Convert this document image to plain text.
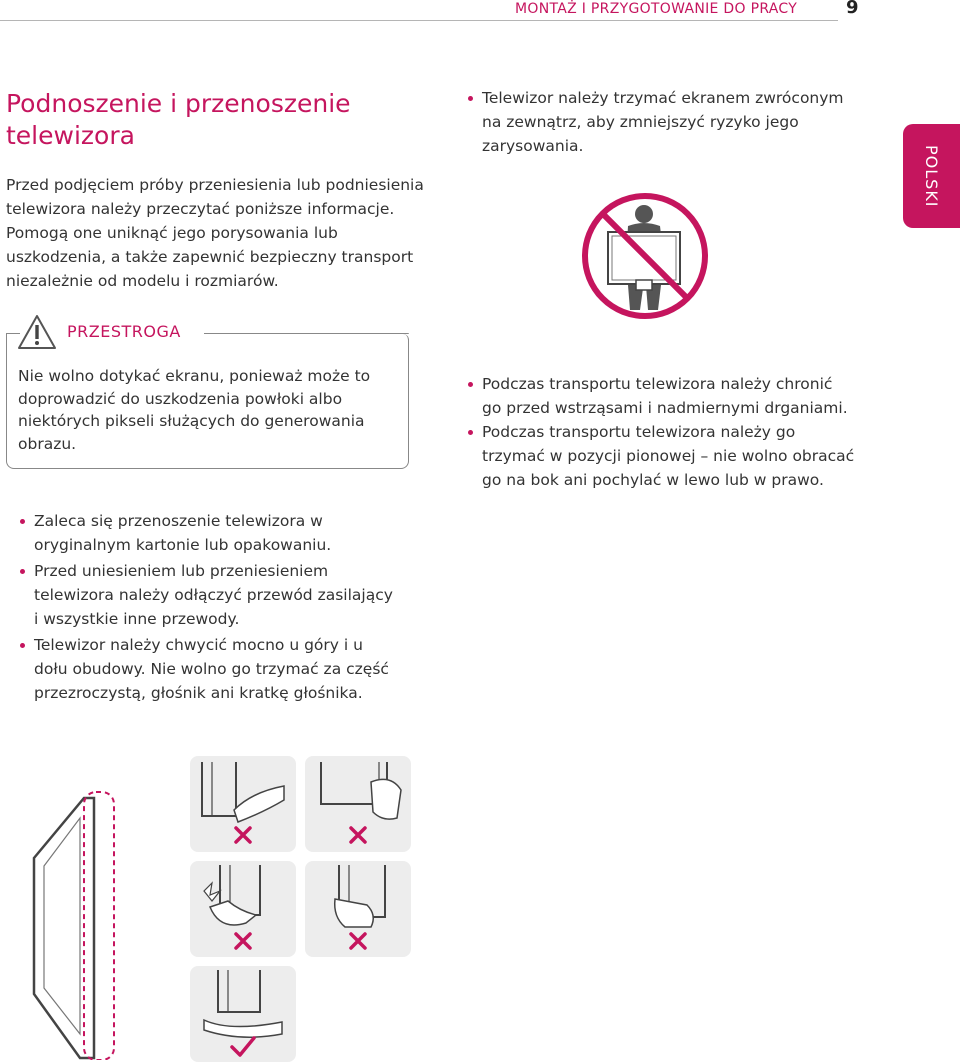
MONTAŻ I PRZYGOTOWANIE DO PRACY	9
POLSKI
Podnoszenie i przenoszenie telewizora
Przed podjęciem próby przeniesienia lub podniesienia telewizora należy przeczytać poniższe informacje. Pomogą one uniknąć jego porysowania lub uszkodzenia, a także zapewnić bezpieczny transport niezależnie od modelu i rozmiarów.
PRZESTROGA
Nie wolno dotykać ekranu, ponieważ może to doprowadzić do uszkodzenia powłoki albo niektórych pikseli służących do generowania obrazu.
Zaleca się przenoszenie telewizora w oryginalnym kartonie lub opakowaniu.
Przed uniesieniem lub przeniesieniem telewizora należy odłączyć przewód zasilający i wszystkie inne przewody.
Telewizor należy chwycić mocno u góry i u dołu obudowy. Nie wolno go trzymać za część przezroczystą, głośnik ani kratkę głośnika.
Telewizor należy trzymać ekranem zwróconym na zewnątrz, aby zmniejszyć ryzyko jego zarysowania.
Podczas transportu telewizora należy chronić go przed wstrząsami i nadmiernymi drganiami.
Podczas transportu telewizora należy go trzymać w pozycji pionowej – nie wolno obracać go na bok ani pochylać w lewo lub w prawo.
